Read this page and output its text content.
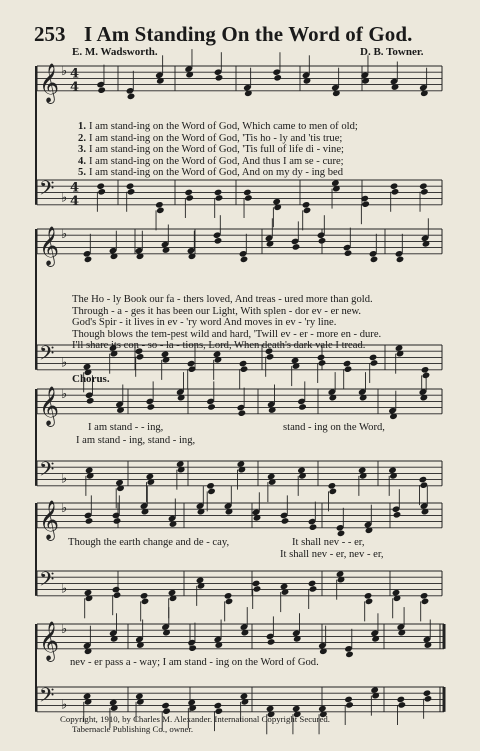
253 I Am Standing On the Word of God.
E. M. Wadsworth.	D. B. Towner.
𝄞 ♭ 4
4
𝄢 ♭
4
4
𝄞 ♭
𝄢 ♭
𝄞 ♭
𝄢 ♭
𝄞 ♭
𝄢 ♭
𝄞 ♭
𝄢 ♭
1. I am stand-ing on the Word of God, Which came to men of old;
2. I am stand-ing on the Word of God, 'Tis ho - ly and 'tis true;
3. I am stand-ing on the Word of God, 'Tis full of life di - vine;
4. I am stand-ing on the Word of God, And thus I am se - cure;
5. I am stand-ing on the Word of God, And on my dy - ing bed
The Ho - ly Book our fa - thers loved, And treas - ured more than gold.
Through - a - ges it has been our Light, With splen - dor ev - er new.
God's Spir - it lives in ev - 'ry word And moves in ev - 'ry line.
Though blows the tem-pest wild and hard, 'Twill ev - er - more en - dure.
I'll share its con - so - la - tions, Lord, When death's dark vale I tread.
Chorus.
I am stand - - ing,	stand - ing on the Word,
I am stand - ing, stand - ing,
Though the earth change and de - cay,	It shall nev - - er,
It shall nev - er, nev - er,
nev - er pass a - way; I am stand - ing on the Word of God.
Copyright, 1910, by Charles M. Alexander. International Copyright Secured.
Tabernacle Publishing Co., owner.
